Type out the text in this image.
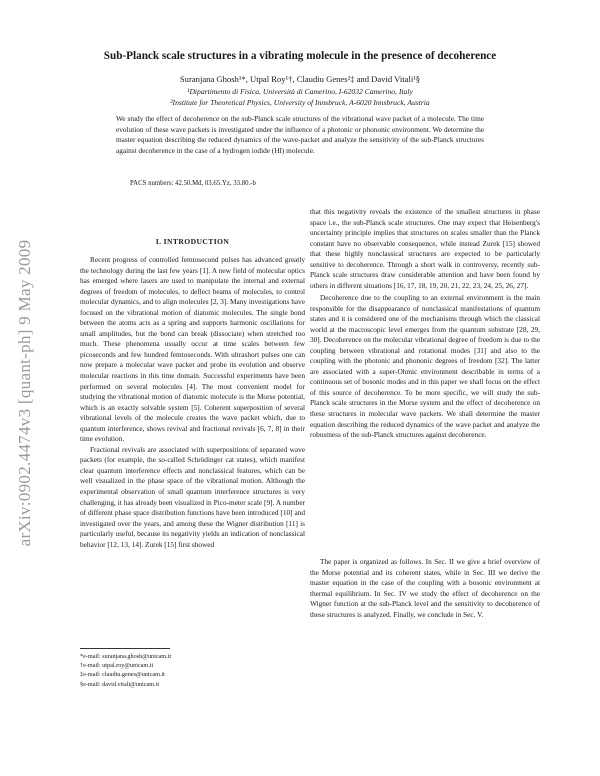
arXiv:0902.4474v3 [quant-ph] 9 May 2009
Sub-Planck scale structures in a vibrating molecule in the presence of decoherence
Suranjana Ghosh¹*, Utpal Roy¹†, Claudiu Genes²‡ and David Vitali¹§
¹Dipartimento di Fisica, Università di Camerino, I-62032 Camerino, Italy
²Institute for Theoretical Physics, University of Innsbruck, A-6020 Innsbruck, Austria
We study the effect of decoherence on the sub-Planck scale structures of the vibrational wave packet of a molecule. The time evolution of these wave packets is investigated under the influence of a photonic or phononic environment. We determine the master equation describing the reduced dynamics of the wave-packet and analyze the sensitivity of the sub-Planck structures against decoherence in the case of a hydrogen iodide (HI) molecule.
PACS numbers: 42.50.Md, 03.65.Yz, 33.80.-b
I. INTRODUCTION

Recent progress of controlled femtosecond pulses has advanced greatly the technology during the last few years [1]. A new field of molecular optics has emerged where lasers are used to manipulate the internal and external degrees of freedom of molecules, to deflect beams of molecules, to control molecular dynamics, and to align molecules [2, 3]. Many investigations have focused on the vibrational motion of diatomic molecules. The single bond between the atoms acts as a spring and supports harmonic oscillations for small amplitudes, but the bond can break (dissociate) when stretched too much. These phenomena usually occur at time scales between few picoseconds and few hundred femtoseconds. With ultrashort pulses one can now prepare a molecular wave packet and probe its evolution and observe molecular reactions in this time domain. Successful experiments have been performed on several molecules [4]. The most convenient model for studying the vibrational motion of diatomic molecule is the Morse potential, which is an exactly solvable system [5]. Coherent superposition of several vibrational levels of the molecule creates the wave packet which, due to quantum interference, shows revival and fractional revivals [6, 7, 8] in their time evolution.

Fractional revivals are associated with superpositions of separated wave packets (for example, the so-called Schrödinger cat states), which manifest clear quantum interference effects and nonclassical features, which can be well visualized in the phase space of the vibrational motion. Although the experimental observation of small quantum interference structures is very challenging, it has already been visualized in Pico-meter scale [9]. A number of different phase space distribution functions have been introduced [10] and investigated over the years, and among these the Wigner distribution [11] is particularly useful, because its negativity yields an indication of nonclassical behavior [12, 13, 14]. Zurek [15] first showed

that this negativity reveals the existence of the smallest structures in phase space i.e., the sub-Planck scale structures. One may expect that Heisenberg's uncertainty principle implies that structures on scales smaller than the Planck constant have no observable consequence, while instead Zurek [15] showed that these highly nonclassical structures are expected to be particularly sensitive to decoherence. Through a short walk in controversy, recently sub-Planck scale structures draw considerable attention and have been found by others in different situations [16, 17, 18, 19, 20, 21, 22, 23, 24, 25, 26, 27].
Decoherence due to the coupling to an external environment is the main responsible for the disappearance of nonclassical manifestations of quantum states and it is considered one of the mechanisms through which the classical world at the macroscopic level emerges from the quantum substrate [28, 29, 30]. Decoherence on the molecular vibrational degree of freedom is due to the coupling between vibrational and rotational modes [31] and also to the coupling with the photonic and phononic degrees of freedom [32]. The latter are associated with a super-Ohmic environment describable in terms of a continuous set of bosonic modes and in this paper we shall focus on the effect of this source of decoherence. To be more specific, we will study the sub-Planck scale structures in the Morse system and the effect of decoherence on these structures in molecular wave packets. We shall determine the master equation describing the reduced dynamics of the wave packet and analyze the robustness of the sub-Planck structures against decoherence.
The paper is organized as follows. In Sec. II we give a brief overview of the Morse potential and its coherent states, while in Sec. III we derive the master equation in the case of the coupling with a bosonic environment at thermal equilibrium. In Sec. IV we study the effect of decoherence on the Wigner function at the sub-Planck level and the sensitivity to decoherence of these structures is analyzed. Finally, we conclude in Sec. V.
*e-mail: suranjana.ghosh@unicam.it
†e-mail: utpal.roy@unicam.it
‡e-mail: claudiu.genes@unicam.it
§e-mail: david.vitali@unicam.it
